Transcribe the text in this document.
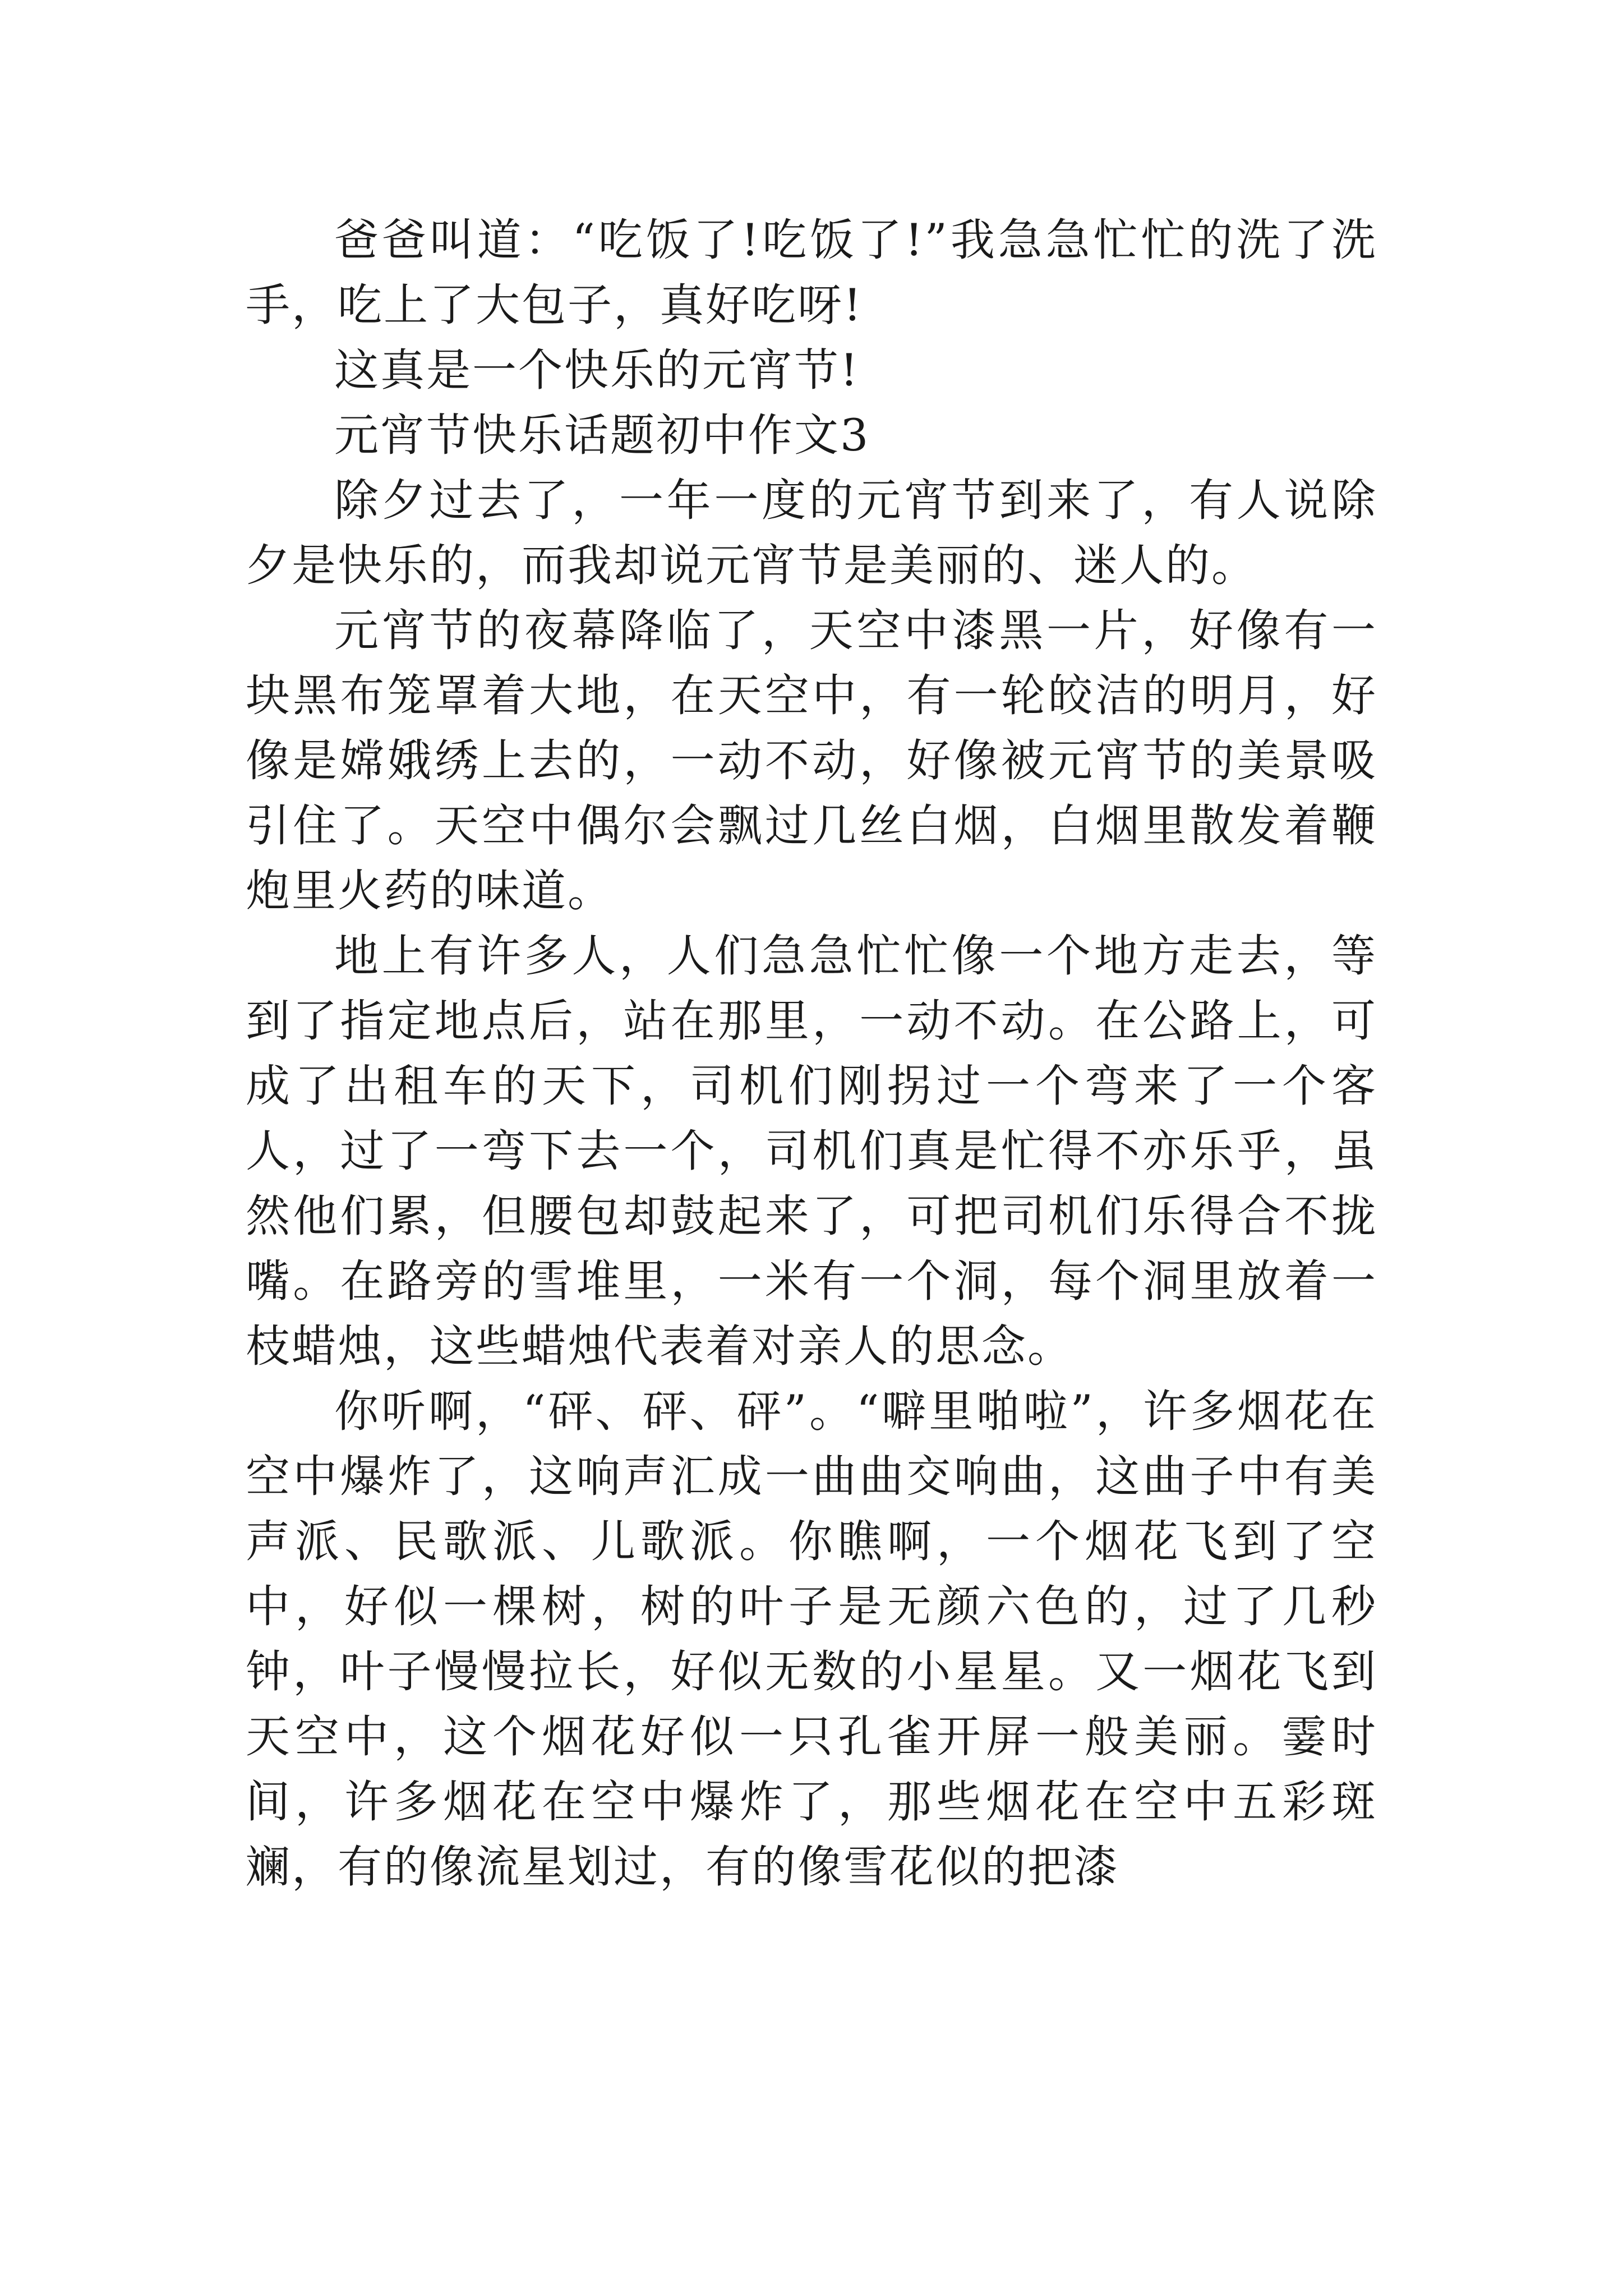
爸爸叫道：“吃饭了!吃饭了!”我急急忙忙的洗了洗手，吃上了大包子，真好吃呀!

这真是一个快乐的元宵节!

元宵节快乐话题初中作文3

除夕过去了，一年一度的元宵节到来了，有人说除夕是快乐的，而我却说元宵节是美丽的、迷人的。

元宵节的夜幕降临了，天空中漆黑一片，好像有一块黑布笼罩着大地，在天空中，有一轮皎洁的明月，好像是嫦娥绣上去的，一动不动，好像被元宵节的美景吸引住了。天空中偶尔会飘过几丝白烟，白烟里散发着鞭炮里火药的味道。

地上有许多人，人们急急忙忙像一个地方走去，等到了指定地点后，站在那里，一动不动。在公路上，可成了出租车的天下，司机们刚拐过一个弯来了一个客人，过了一弯下去一个，司机们真是忙得不亦乐乎，虽然他们累，但腰包却鼓起来了，可把司机们乐得合不拢嘴。在路旁的雪堆里，一米有一个洞，每个洞里放着一枝蜡烛，这些蜡烛代表着对亲人的思念。

你听啊，“砰、砰、砰”。“噼里啪啦”，许多烟花在空中爆炸了，这响声汇成一曲曲交响曲，这曲子中有美声派、民歌派、儿歌派。你瞧啊，一个烟花飞到了空中，好似一棵树，树的叶子是无颜六色的，过了几秒钟，叶子慢慢拉长，好似无数的小星星。又一烟花飞到天空中，这个烟花好似一只孔雀开屏一般美丽。霎时间，许多烟花在空中爆炸了，那些烟花在空中五彩斑斓，有的像流星划过，有的像雪花似的把漆
